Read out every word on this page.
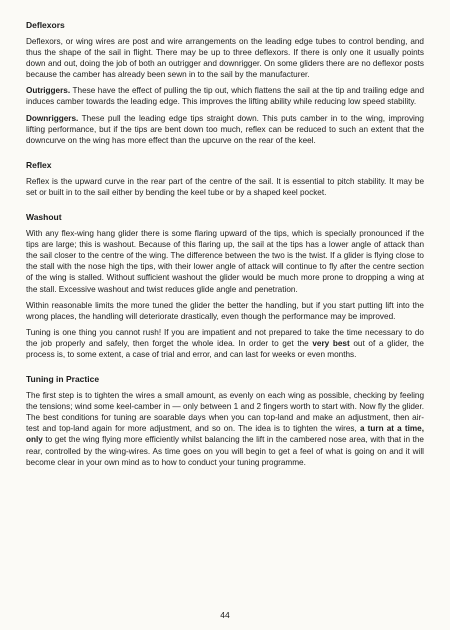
Deflexors

Deflexors, or wing wires are post and wire arrangements on the leading edge tubes to control bending, and thus the shape of the sail in flight. There may be up to three deflexors. If there is only one it usually points down and out, doing the job of both an outrigger and downrigger. On some gliders there are no deflexor posts because the camber has already been sewn in to the sail by the manufacturer.

Outriggers. These have the effect of pulling the tip out, which flattens the sail at the tip and trailing edge and induces camber towards the leading edge. This improves the lifting ability while reducing low speed stability.

Downriggers. These pull the leading edge tips straight down. This puts camber in to the wing, improving lifting performance, but if the tips are bent down too much, reflex can be reduced to such an extent that the downcurve on the wing has more effect than the upcurve on the rear of the keel.

Reflex

Reflex is the upward curve in the rear part of the centre of the sail. It is essential to pitch stability. It may be set or built in to the sail either by bending the keel tube or by a shaped keel pocket.

Washout

With any flex-wing hang glider there is some flaring upward of the tips, which is specially pronounced if the tips are large; this is washout. Because of this flaring up, the sail at the tips has a lower angle of attack than the sail closer to the centre of the wing. The difference between the two is the twist. If a glider is flying close to the stall with the nose high the tips, with their lower angle of attack will continue to fly after the centre section of the wing is stalled. Without sufficient washout the glider would be much more prone to dropping a wing at the stall. Excessive washout and twist reduces glide angle and penetration.

Within reasonable limits the more tuned the glider the better the handling, but if you start putting lift into the wrong places, the handling will deteriorate drastically, even though the performance may be improved.

Tuning is one thing you cannot rush! If you are impatient and not prepared to take the time necessary to do the job properly and safely, then forget the whole idea. In order to get the very best out of a glider, the process is, to some extent, a case of trial and error, and can last for weeks or even months.

Tuning in Practice

The first step is to tighten the wires a small amount, as evenly on each wing as possible, checking by feeling the tensions; wind some keel-camber in — only between 1 and 2 fingers worth to start with. Now fly the glider. The best conditions for tuning are soarable days when you can top-land and make an adjustment, then air-test and top-land again for more adjustment, and so on. The idea is to tighten the wires, a turn at a time, only to get the wing flying more efficiently whilst balancing the lift in the cambered nose area, with that in the rear, controlled by the wing-wires. As time goes on you will begin to get a feel of what is going on and it will become clear in your own mind as to how to conduct your tuning programme.

44
